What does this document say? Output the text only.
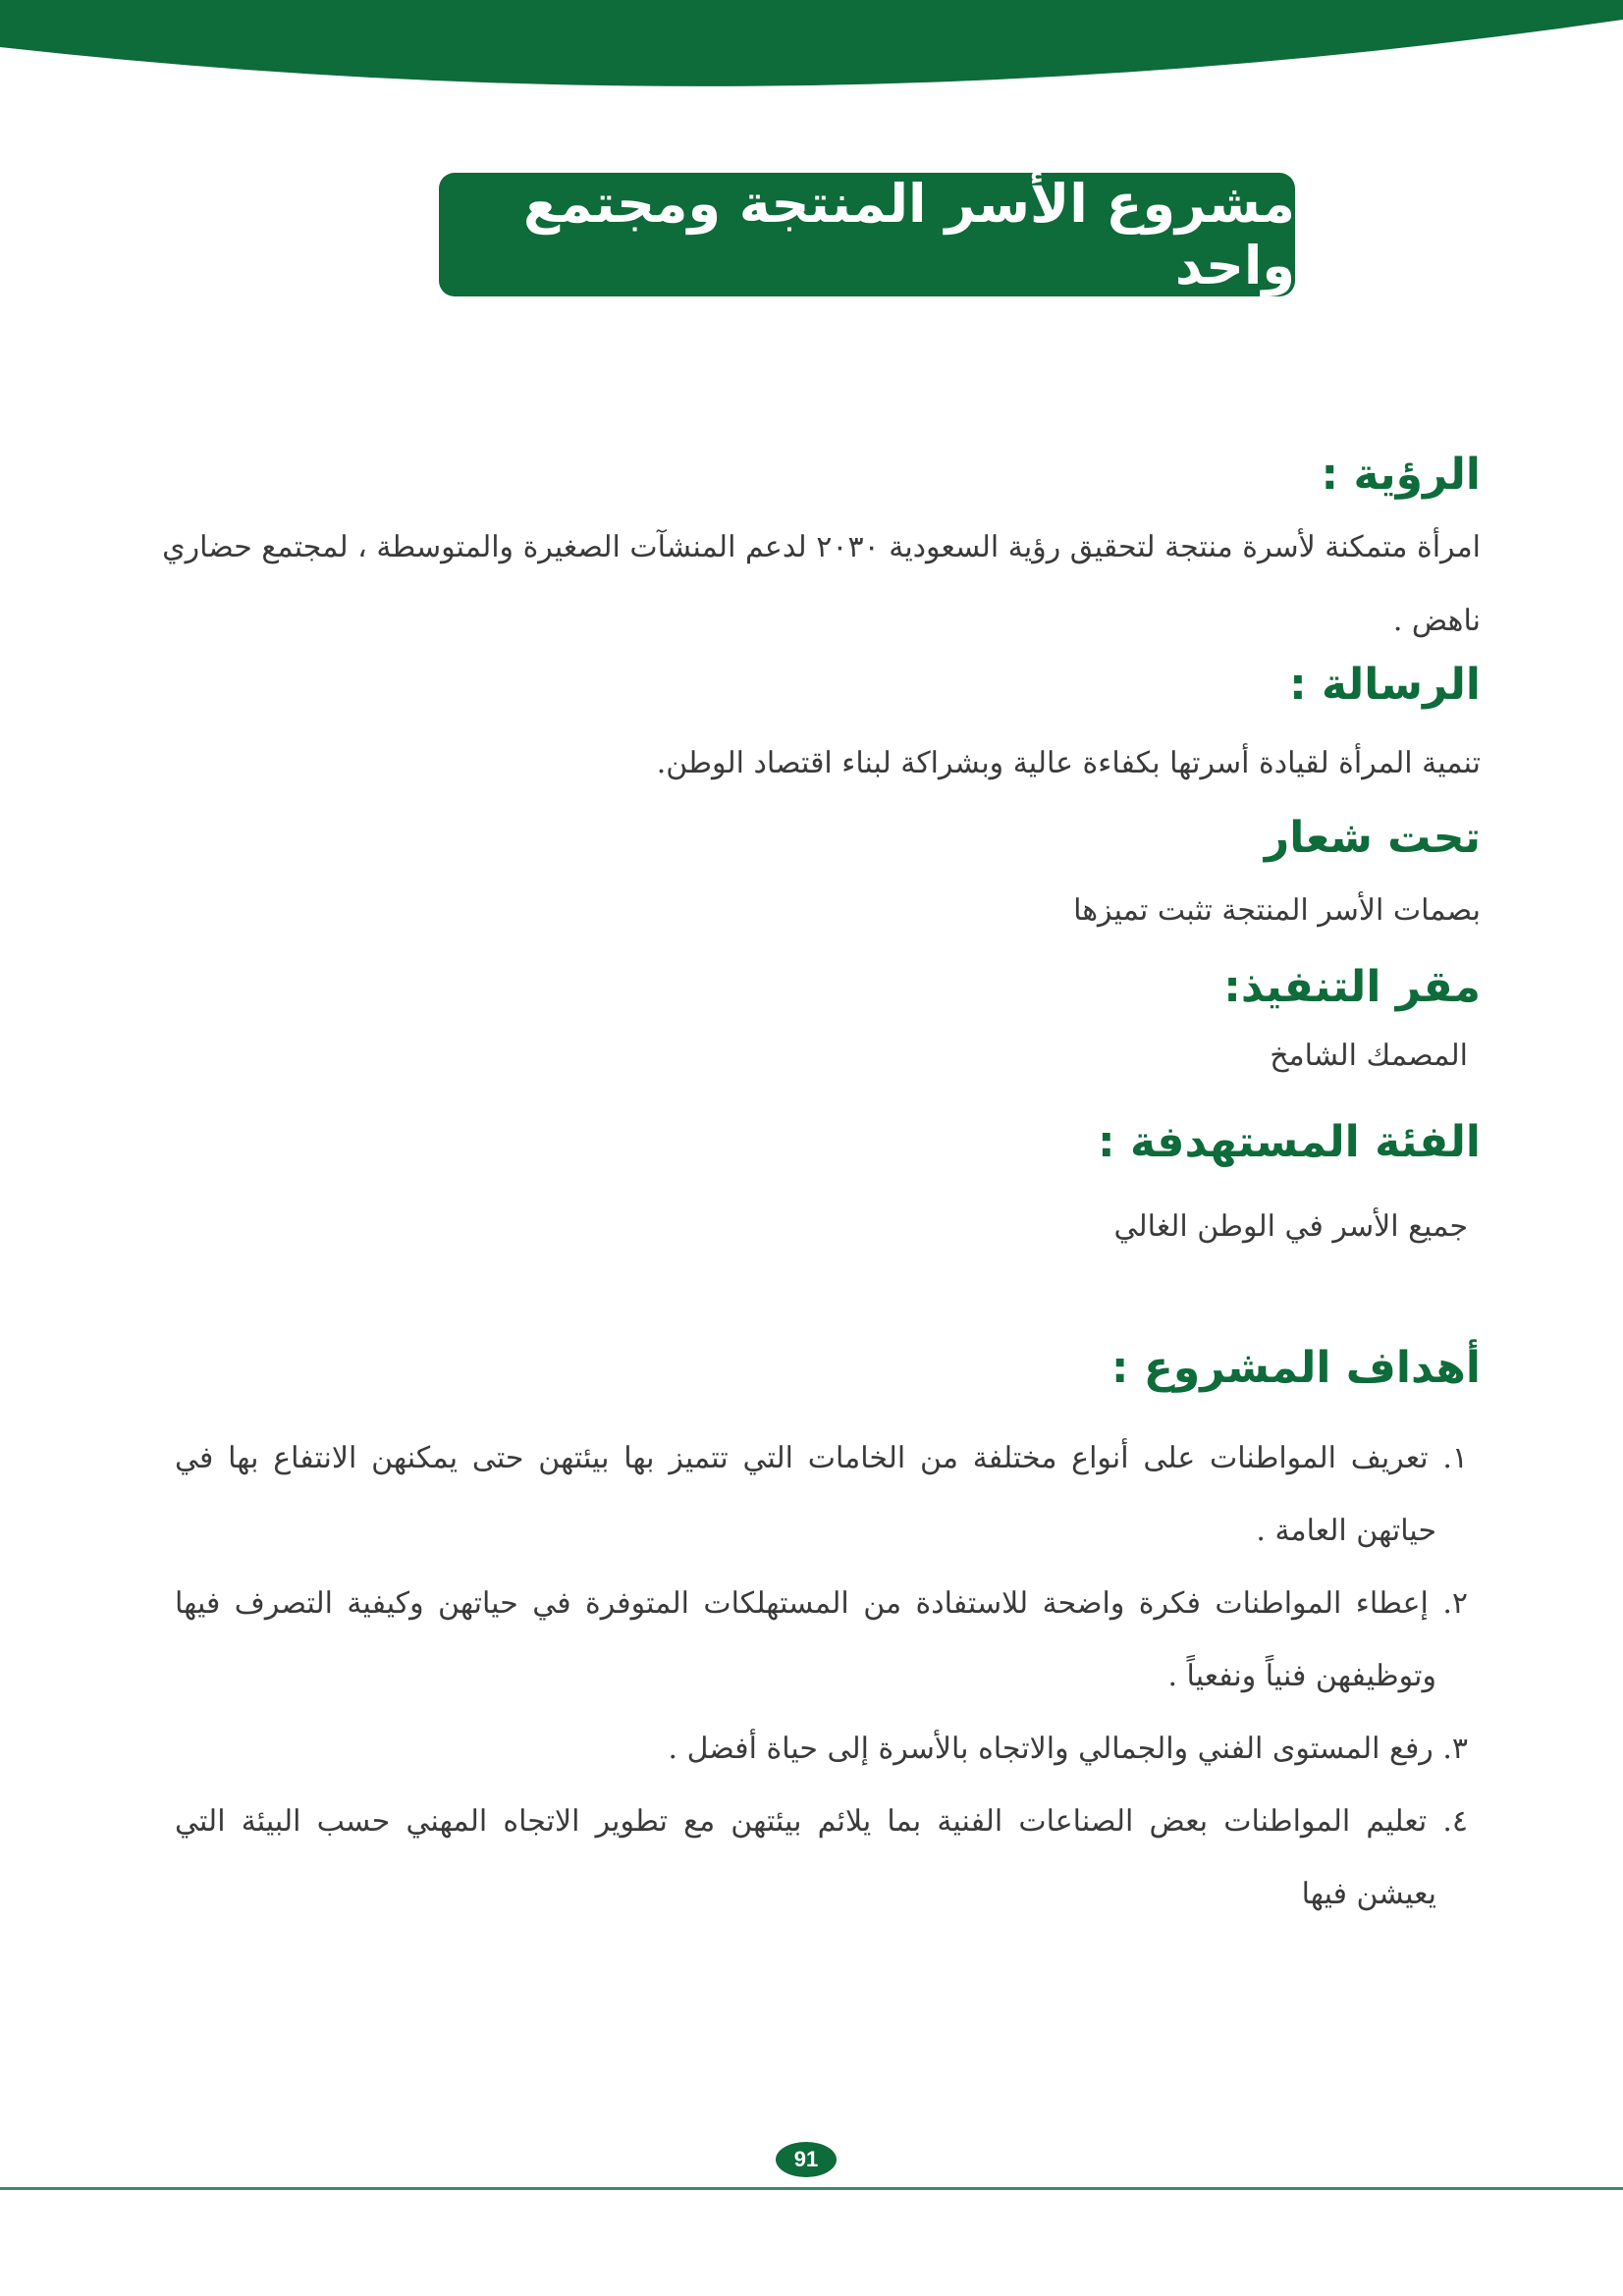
مشروع الأسر المنتجة ومجتمع واحد
الرؤية :
امرأة متمكنة لأسرة منتجة لتحقيق رؤية السعودية ٢٠٣٠ لدعم المنشآت الصغيرة والمتوسطة ، لمجتمع حضاري
ناهض .
الرسالة :
تنمية المرأة لقيادة أسرتها بكفاءة عالية وبشراكة لبناء اقتصاد الوطن.
تحت شعار
بصمات الأسر المنتجة تثبت تميزها
مقر التنفيذ:
المصمك الشامخ
الفئة المستهدفة :
جميع الأسر في الوطن الغالي
أهداف المشروع :
١. تعريف المواطنات على أنواع مختلفة من الخامات التي تتميز بها بيئتهن حتى يمكنهن الانتفاع بها في
حياتهن العامة .
٢. إعطاء المواطنات فكرة واضحة للاستفادة من المستهلكات المتوفرة في حياتهن وكيفية التصرف فيها
وتوظيفهن فنياً ونفعياً .
٣. رفع المستوى الفني والجمالي والاتجاه بالأسرة إلى حياة أفضل .
٤. تعليم المواطنات بعض الصناعات الفنية بما يلائم بيئتهن مع تطوير الاتجاه المهني حسب البيئة التي
يعيشن فيها
91
